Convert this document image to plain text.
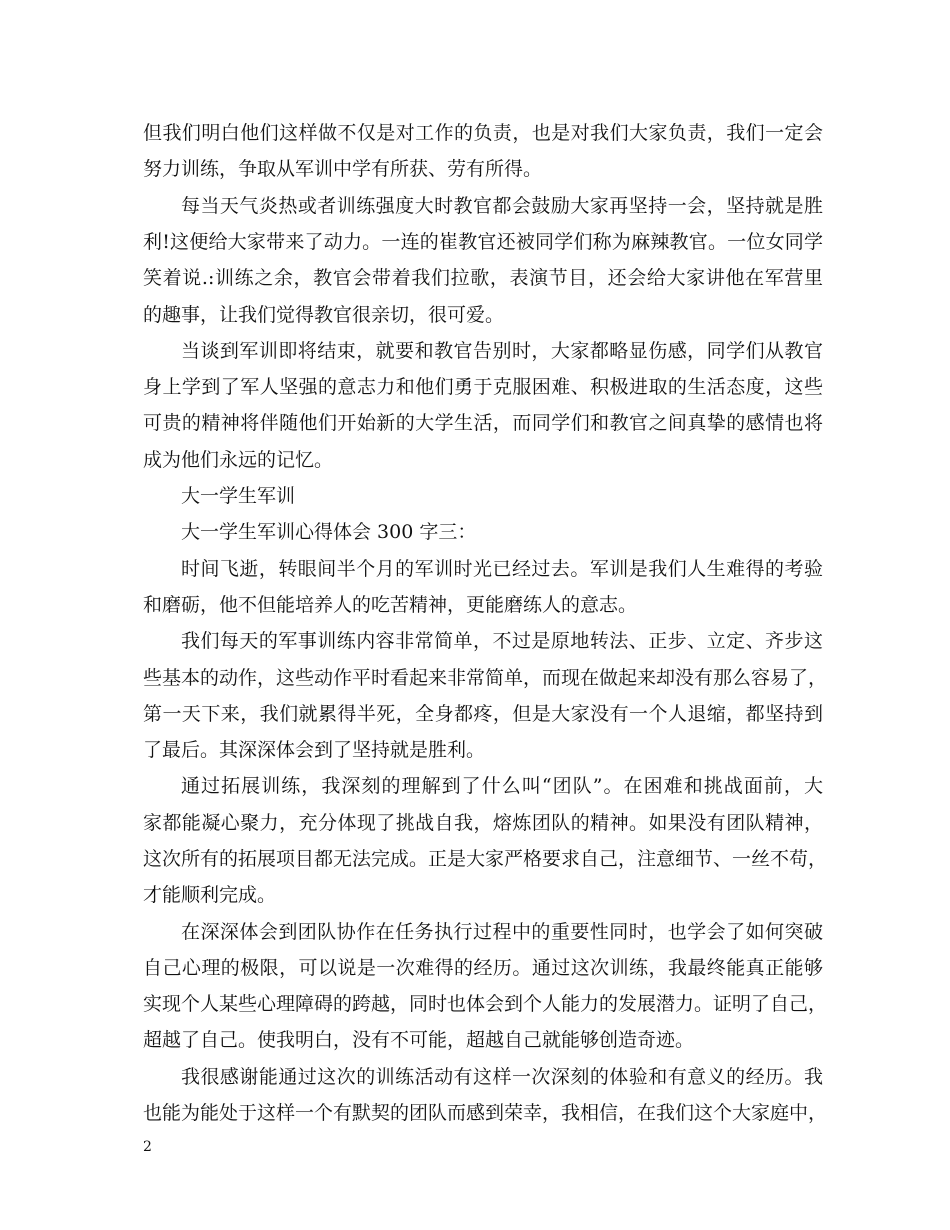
但我们明白他们这样做不仅是对工作的负责，也是对我们大家负责，我们一定会
努力训练，争取从军训中学有所获、劳有所得。
每当天气炎热或者训练强度大时教官都会鼓励大家再坚持一会，坚持就是胜
利!这便给大家带来了动力。一连的崔教官还被同学们称为麻辣教官。一位女同学
笑着说.:训练之余，教官会带着我们拉歌，表演节目，还会给大家讲他在军营里
的趣事，让我们觉得教官很亲切，很可爱。
当谈到军训即将结束，就要和教官告别时，大家都略显伤感，同学们从教官
身上学到了军人坚强的意志力和他们勇于克服困难、积极进取的生活态度，这些
可贵的精神将伴随他们开始新的大学生活，而同学们和教官之间真挚的感情也将
成为他们永远的记忆。
大一学生军训
大一学生军训心得体会 300 字三：
时间飞逝，转眼间半个月的军训时光已经过去。军训是我们人生难得的考验
和磨砺，他不但能培养人的吃苦精神，更能磨练人的意志。
我们每天的军事训练内容非常简单，不过是原地转法、正步、立定、齐步这
些基本的动作，这些动作平时看起来非常简单，而现在做起来却没有那么容易了，
第一天下来，我们就累得半死，全身都疼，但是大家没有一个人退缩，都坚持到
了最后。其深深体会到了坚持就是胜利。
通过拓展训练，我深刻的理解到了什么叫“团队”。在困难和挑战面前，大
家都能凝心聚力，充分体现了挑战自我，熔炼团队的精神。如果没有团队精神，
这次所有的拓展项目都无法完成。正是大家严格要求自己，注意细节、一丝不苟，
才能顺利完成。
在深深体会到团队协作在任务执行过程中的重要性同时，也学会了如何突破
自己心理的极限，可以说是一次难得的经历。通过这次训练，我最终能真正能够
实现个人某些心理障碍的跨越，同时也体会到个人能力的发展潜力。证明了自己，
超越了自己。使我明白，没有不可能，超越自己就能够创造奇迹。
我很感谢能通过这次的训练活动有这样一次深刻的体验和有意义的经历。我
也能为能处于这样一个有默契的团队而感到荣幸，我相信，在我们这个大家庭中，
2
